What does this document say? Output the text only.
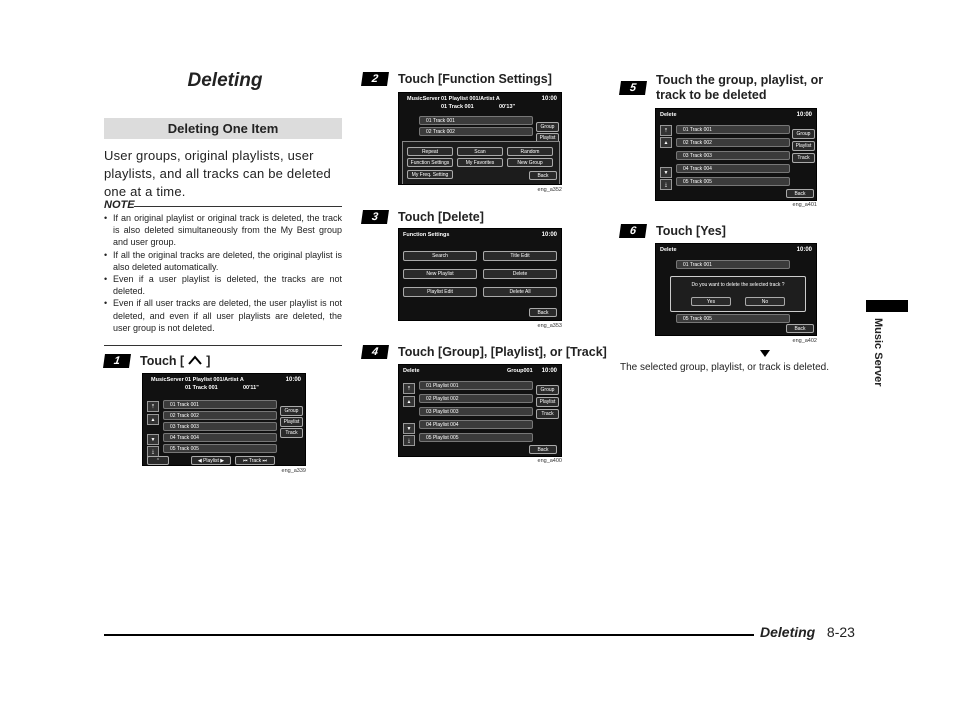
Deleting
Deleting One Item
User groups, original playlists, user playlists, and all tracks can be deleted one at a time.
NOTE
• If an original playlist or original track is deleted, the track is also deleted simultaneously from the My Best group and user group.
• If all the original tracks are deleted, the original playlist is also deleted automatically.
• Even if a user playlist is deleted, the tracks are not deleted.
• Even if all user tracks are deleted, the user playlist is not deleted, and even if all user playlists are deleted, the user group is not deleted.
1	Touch [ ]
MusicServer 01 Playlist 001/Artist A
01 Track 001	00'11"
10:00
⤒
▲
▼
⤓
01 Track 001
02 Track 002
03 Track 003
04 Track 004
05 Track 005
Group
Playlist
Track
⌃	◀ Playlist ▶	⏮ Track ⏭
eng_a339
2	Touch [Function Settings]
MusicServer 01 Playlist 001/Artist A
01 Track 001	00'13"
10:00
01 Track 001
02 Track 002
Group
Playlist
Repeat	Scan	Random
Function Settings	My Favorites	New Group
My Freq. Setting	Back
eng_a352
3	Touch [Delete]
Function Settings	10:00
Search	Title Edit
New Playlist	Delete
Playlist Edit	Delete All
Back
eng_a353
4	Touch [Group], [Playlist], or [Track]
Delete	Group001 10:00
⤒
▲
▼
⤓
01 Playlist 001
02 Playlist 002
03 Playlist 003
04 Playlist 004
05 Playlist 005
Group
Playlist
Track
Back
eng_a400
5
Touch the group, playlist, or track to be deleted
Delete	10:00
⤒
▲
▼
⤓
01 Track 001
02 Track 002
03 Track 003
04 Track 004
05 Track 005
Group
Playlist
Track
Back
eng_a401
6	Touch [Yes]
Delete	10:00
01 Track 001
Do you want to delete the selected track ?
Yes	No
05 Track 005
Back
eng_a402
The selected group, playlist, or track is deleted.	Music Server
Deleting 8-23
